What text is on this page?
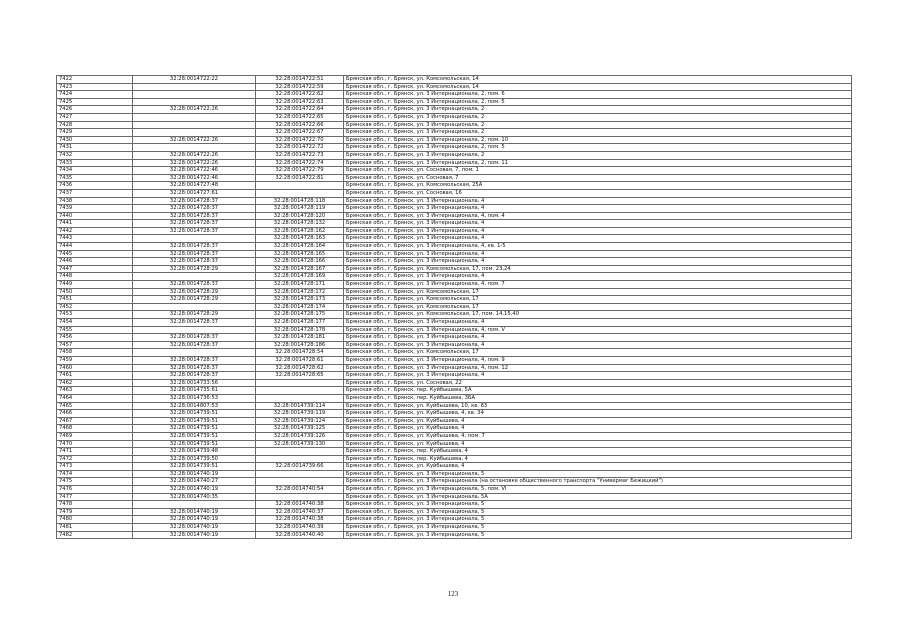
7422	32:28:0014722:22	32:28:0014722:51	Брянская обл., г. Брянск, ул. Комсомольская, 14
7423		32:28:0014722:59	Брянская обл., г. Брянск, ул. Комсомольская, 14
7424		32:28:0014722:62	Брянская обл., г. Брянск, ул. 3 Интернационала, 2, пом. 6
7425		32:28:0014722:63	Брянская обл., г. Брянск, ул. 3 Интернационала, 2, пом. 5
7426	32:28:0014722:26	32:28:0014722:64	Брянская обл., г. Брянск, ул. 3 Интернационала, 2
7427		32:28:0014722:65	Брянская обл., г. Брянск, ул. 3 Интернационала, 2
7428		32:28:0014722:66	Брянская обл., г. Брянск, ул. 3 Интернационала, 2
7429		32:28:0014722:67	Брянская обл., г. Брянск, ул. 3 Интернационала, 2
7430	32:28:0014722:26	32:28:0014722:70	Брянская обл., г. Брянск, ул. 3 Интернационала, 2, пом. 10
7431		32:28:0014722:72	Брянская обл., г. Брянск, ул. 3 Интернационала, 2, пом. 5
7432	32:28:0014722:26	32:28:0014722:73	Брянская обл., г. Брянск, ул. 3 Интернационала, 2
7433	32:28:0014722:26	32:28:0014722:74	Брянская обл., г. Брянск, ул. 3 Интернационала, 2, пом. 11
7434	32:28:0014722:46	32:28:0014722:79	Брянская обл., г. Брянск, ул. Сосновая, 7, пом. 1
7435	32:28:0014722:46	32:28:0014722:81	Брянская обл., г. Брянск, ул. Сосновая, 7
7436	32:28:0014727:48		Брянская обл., г. Брянск, ул. Комсомольская, 25А
7437	32:28:0014727:61		Брянская обл., г. Брянск, ул. Сосновая, 16
7438	32:28:0014728:37	32:28:0014728:118	Брянская обл., г. Брянск, ул. 3 Интернационала, 4
7439	32:28:0014728:37	32:28:0014728:119	Брянская обл., г. Брянск, ул. 3 Интернационала, 4
7440	32:28:0014728:37	32:28:0014728:120	Брянская обл., г. Брянск, ул. 3 Интернационала, 4, пом. 4
7441	32:28:0014728:37	32:28:0014728:132	Брянская обл., г. Брянск, ул. 3 Интернационала, 4
7442	32:28:0014728:37	32:28:0014728:162	Брянская обл., г. Брянск, ул. 3 Интернационала, 4
7443		32:28:0014728:163	Брянская обл., г. Брянск, ул. 3 Интернационала, 4
7444	32:28:0014728:37	32:28:0014728:164	Брянская обл., г. Брянск, ул. 3 Интернационала, 4, кв. 1-5
7445	32:28:0014728:37	32:28:0014728:165	Брянская обл., г. Брянск, ул. 3 Интернационала, 4
7446	32:28:0014728:37	32:28:0014728:166	Брянская обл., г. Брянск, ул. 3 Интернационала, 4
7447	32:28:0014728:29	32:28:0014728:167	Брянская обл., г. Брянск, ул. Комсомольская, 17, пом. 23,24
7448		32:28:0014728:169	Брянская обл., г. Брянск, ул. 3 Интернационала, 4
7449	32:28:0014728:37	32:28:0014728:171	Брянская обл., г. Брянск, ул. 3 Интернационала, 4, пом. 7
7450	32:28:0014728:29	32:28:0014728:172	Брянская обл., г. Брянск, ул. Комсомольская, 17
7451	32:28:0014728:29	32:28:0014728:173	Брянская обл., г. Брянск, ул. Комсомольская, 17
7452		32:28:0014728:174	Брянская обл., г. Брянск, ул. Комсомольская, 17
7453	32:28:0014728:29	32:28:0014728:175	Брянская обл., г. Брянск, ул. Комсомольская, 17, пом. 14,15,40
7454	32:28:0014728:37	32:28:0014728:177	Брянская обл., г. Брянск, ул. 3 Интернационала, 4
7455		32:28:0014728:178	Брянская обл., г. Брянск, ул. 3 Интернационала, 4, пом. V
7456	32:28:0014728:37	32:28:0014728:181	Брянская обл., г. Брянск, ул. 3 Интернационала, 4
7457	32:28:0014728:37	32:28:0014728:186	Брянская обл., г. Брянск, ул. 3 Интернационала, 4
7458		32:28:0014728:54	Брянская обл., г. Брянск, ул. Комсомольская, 17
7459	32:28:0014728:37	32:28:0014728:61	Брянская обл., г. Брянск, ул. 3 Интернационала, 4, пом. 9
7460	32:28:0014728:37	32:28:0014728:62	Брянская обл., г. Брянск, ул. 3 Интернационала, 4, пом. 12
7461	32:28:0014728:37	32:28:0014728:65	Брянская обл., г. Брянск, ул. 3 Интернационала, 4
7462	32:28:0014733:56		Брянская обл., г. Брянск, ул. Сосновая, 22
7463	32:28:0014735:61		Брянская обл., г. Брянск, пер. Куйбышева, 5А
7464	32:28:0014736:53		Брянская обл., г. Брянск, пер. Куйбышева, 3БА
7465	32:28:0014807:53	32:28:0014739:114	Брянская обл., г. Брянск, ул. Куйбышева, 10, кв. 63
7466	32:28:0014739:51	32:28:0014739:119	Брянская обл., г. Брянск, ул. Куйбышева, 4, кв. 34
7467	32:28:0014739:51	32:28:0014739:124	Брянская обл., г. Брянск, ул. Куйбышева, 4
7468	32:28:0014739:51	32:28:0014739:125	Брянская обл., г. Брянск, ул. Куйбышева, 4
7469	32:28:0014739:51	32:28:0014739:126	Брянская обл., г. Брянск, ул. Куйбышева, 4, пом. 7
7470	32:28:0014739:51	32:28:0014739:130	Брянская обл., г. Брянск, ул. Куйбышева, 4
7471	32:28:0014739:48		Брянская обл., г. Брянск, пер. Куйбышева, 4
7472	32:28:0014739:50		Брянская обл., г. Брянск, пер. Куйбышева, 4
7473	32:28:0014739:51	32:28:0014739:66	Брянская обл., г. Брянск, ул. Куйбышева, 4
7474	32:28:0014740:19		Брянская обл., г. Брянск, ул. 3 Интернационала, 5
7475	32:28:0014740:27		Брянская обл., г. Брянск, ул. 3 Интернационала (на остановке общественного транспорта "Универмаг Бежицкий")
7476	32:28:0014740:19	32:28:0014740:54	Брянская обл., г. Брянск, ул. 3 Интернационала, 5, пом. VI
7477	32:28:0014740:35		Брянская обл., г. Брянск, ул. 3 Интернационала, 5А
7478		32:28:0014740:38	Брянская обл., г. Брянск, ул. 3 Интернационала, 5
7479	32:28:0014740:19	32:28:0014740:37	Брянская обл., г. Брянск, ул. 3 Интернационала, 5
7480	32:28:0014740:19	32:28:0014740:38	Брянская обл., г. Брянск, ул. 3 Интернационала, 5
7481	32:28:0014740:19	32:28:0014740:39	Брянская обл., г. Брянск, ул. 3 Интернационала, 5
7482	32:28:0014740:19	32:28:0014740:40	Брянская обл., г. Брянск, ул. 3 Интернационала, 5
123
